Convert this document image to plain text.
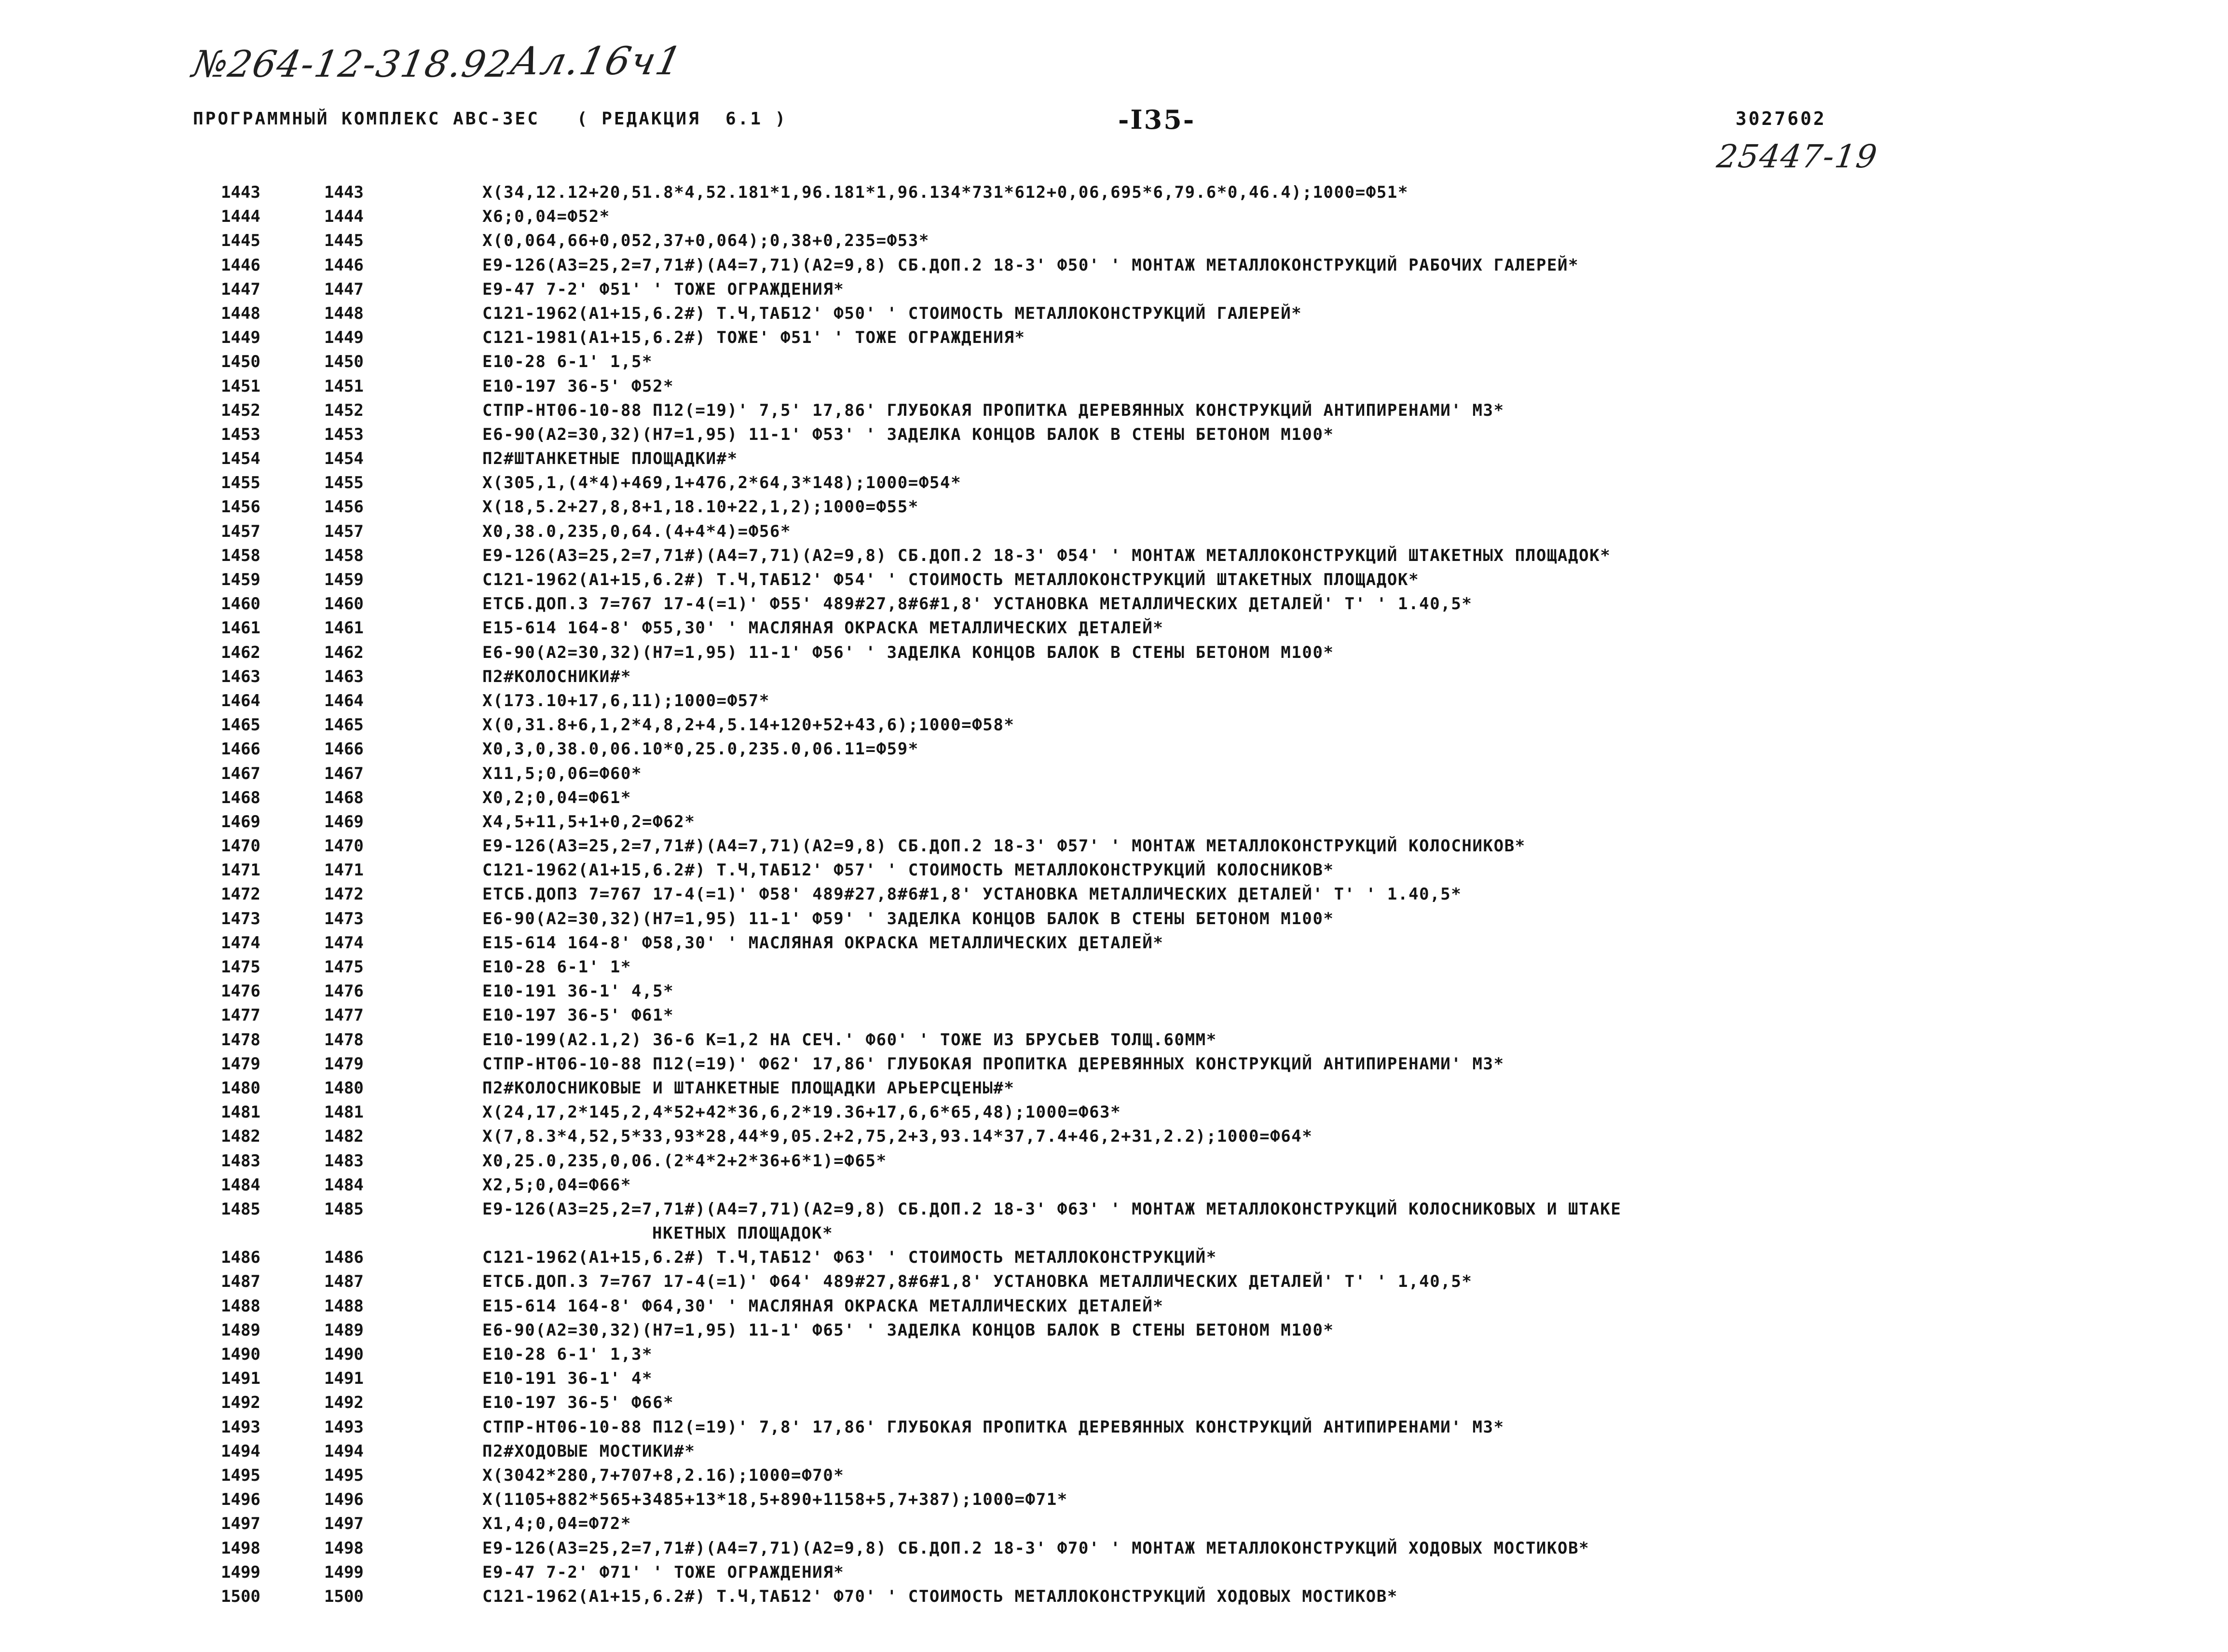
№264-12-318.92
Ал.16ч1
25447-19
ПРОГРАММНЫЙ КОМПЛЕКС АВС-3ЕС   ( РЕДАКЦИЯ  6.1 )	-I35-	3027602
1443	1443	X(34,12.12+20,51.8*4,52.181*1,96.181*1,96.134*731*612+0,06,695*6,79.6*0,46.4);1000=Ф51*
1444	1444	X6;0,04=Ф52*
1445	1445	X(0,064,66+0,052,37+0,064);0,38+0,235=Ф53*
1446	1446	E9-126(A3=25,2=7,71#)(A4=7,71)(A2=9,8) СБ.ДОП.2 18-3' Ф50' ' МОНТАЖ МЕТАЛЛОКОНСТРУКЦИЙ РАБОЧИХ ГАЛЕРЕЙ*
1447	1447	E9-47 7-2' Ф51' ' ТОЖЕ ОГРАЖДЕНИЯ*
1448	1448	C121-1962(A1+15,6.2#) Т.Ч,ТАБ12' Ф50' ' СТОИМОСТЬ МЕТАЛЛОКОНСТРУКЦИЙ ГАЛЕРЕЙ*
1449	1449	C121-1981(A1+15,6.2#) ТОЖЕ' Ф51' ' ТОЖЕ ОГРАЖДЕНИЯ*
1450	1450	E10-28 6-1' 1,5*
1451	1451	E10-197 36-5' Ф52*
1452	1452	СТПР-НТ06-10-88 П12(=19)' 7,5' 17,86' ГЛУБОКАЯ ПРОПИТКА ДЕРЕВЯННЫХ КОНСТРУКЦИЙ АНТИПИРЕНАМИ' М3*
1453	1453	E6-90(A2=30,32)(H7=1,95) 11-1' Ф53' ' ЗАДЕЛКА КОНЦОВ БАЛОК В СТЕНЫ БЕТОНОМ М100*
1454	1454	П2#ШТАНКЕТНЫЕ ПЛОЩАДКИ#*
1455	1455	X(305,1,(4*4)+469,1+476,2*64,3*148);1000=Ф54*
1456	1456	X(18,5.2+27,8,8+1,18.10+22,1,2);1000=Ф55*
1457	1457	X0,38.0,235,0,64.(4+4*4)=Ф56*
1458	1458	E9-126(A3=25,2=7,71#)(A4=7,71)(A2=9,8) СБ.ДОП.2 18-3' Ф54' ' МОНТАЖ МЕТАЛЛОКОНСТРУКЦИЙ ШТАКЕТНЫХ ПЛОЩАДОК*
1459	1459	C121-1962(A1+15,6.2#) Т.Ч,ТАБ12' Ф54' ' СТОИМОСТЬ МЕТАЛЛОКОНСТРУКЦИЙ ШТАКЕТНЫХ ПЛОЩАДОК*
1460	1460	ЕТСБ.ДОП.3 7=767 17-4(=1)' Ф55' 489#27,8#6#1,8' УСТАНОВКА МЕТАЛЛИЧЕСКИХ ДЕТАЛЕЙ' Т' ' 1.40,5*
1461	1461	E15-614 164-8' Ф55,30' ' МАСЛЯНАЯ ОКРАСКА МЕТАЛЛИЧЕСКИХ ДЕТАЛЕЙ*
1462	1462	E6-90(A2=30,32)(H7=1,95) 11-1' Ф56' ' ЗАДЕЛКА КОНЦОВ БАЛОК В СТЕНЫ БЕТОНОМ М100*
1463	1463	П2#КОЛОСНИКИ#*
1464	1464	X(173.10+17,6,11);1000=Ф57*
1465	1465	X(0,31.8+6,1,2*4,8,2+4,5.14+120+52+43,6);1000=Ф58*
1466	1466	X0,3,0,38.0,06.10*0,25.0,235.0,06.11=Ф59*
1467	1467	X11,5;0,06=Ф60*
1468	1468	X0,2;0,04=Ф61*
1469	1469	X4,5+11,5+1+0,2=Ф62*
1470	1470	E9-126(A3=25,2=7,71#)(A4=7,71)(A2=9,8) СБ.ДОП.2 18-3' Ф57' ' МОНТАЖ МЕТАЛЛОКОНСТРУКЦИЙ КОЛОСНИКОВ*
1471	1471	C121-1962(A1+15,6.2#) Т.Ч,ТАБ12' Ф57' ' СТОИМОСТЬ МЕТАЛЛОКОНСТРУКЦИЙ КОЛОСНИКОВ*
1472	1472	ЕТСБ.ДОП3 7=767 17-4(=1)' Ф58' 489#27,8#6#1,8' УСТАНОВКА МЕТАЛЛИЧЕСКИХ ДЕТАЛЕЙ' Т' ' 1.40,5*
1473	1473	E6-90(A2=30,32)(H7=1,95) 11-1' Ф59' ' ЗАДЕЛКА КОНЦОВ БАЛОК В СТЕНЫ БЕТОНОМ М100*
1474	1474	E15-614 164-8' Ф58,30' ' МАСЛЯНАЯ ОКРАСКА МЕТАЛЛИЧЕСКИХ ДЕТАЛЕЙ*
1475	1475	E10-28 6-1' 1*
1476	1476	E10-191 36-1' 4,5*
1477	1477	E10-197 36-5' Ф61*
1478	1478	E10-199(A2.1,2) 36-6 К=1,2 НА СЕЧ.' Ф60' ' ТОЖЕ ИЗ БРУСЬЕВ ТОЛЩ.60ММ*
1479	1479	СТПР-НТ06-10-88 П12(=19)' Ф62' 17,86' ГЛУБОКАЯ ПРОПИТКА ДЕРЕВЯННЫХ КОНСТРУКЦИЙ АНТИПИРЕНАМИ' М3*
1480	1480	П2#КОЛОСНИКОВЫЕ И ШТАНКЕТНЫЕ ПЛОЩАДКИ АРЬЕРСЦЕНЫ#*
1481	1481	X(24,17,2*145,2,4*52+42*36,6,2*19.36+17,6,6*65,48);1000=Ф63*
1482	1482	X(7,8.3*4,52,5*33,93*28,44*9,05.2+2,75,2+3,93.14*37,7.4+46,2+31,2.2);1000=Ф64*
1483	1483	X0,25.0,235,0,06.(2*4*2+2*36+6*1)=Ф65*
1484	1484	X2,5;0,04=Ф66*
1485	1485	E9-126(A3=25,2=7,71#)(A4=7,71)(A2=9,8) СБ.ДОП.2 18-3' Ф63' ' МОНТАЖ МЕТАЛЛОКОНСТРУКЦИЙ КОЛОСНИКОВЫХ И ШТАКЕ
НКЕТНЫХ ПЛОЩАДОК*
1486	1486	C121-1962(A1+15,6.2#) Т.Ч,ТАБ12' Ф63' ' СТОИМОСТЬ МЕТАЛЛОКОНСТРУКЦИЙ*
1487	1487	ЕТСБ.ДОП.3 7=767 17-4(=1)' Ф64' 489#27,8#6#1,8' УСТАНОВКА МЕТАЛЛИЧЕСКИХ ДЕТАЛЕЙ' Т' ' 1,40,5*
1488	1488	E15-614 164-8' Ф64,30' ' МАСЛЯНАЯ ОКРАСКА МЕТАЛЛИЧЕСКИХ ДЕТАЛЕЙ*
1489	1489	E6-90(A2=30,32)(H7=1,95) 11-1' Ф65' ' ЗАДЕЛКА КОНЦОВ БАЛОК В СТЕНЫ БЕТОНОМ М100*
1490	1490	E10-28 6-1' 1,3*
1491	1491	E10-191 36-1' 4*
1492	1492	E10-197 36-5' Ф66*
1493	1493	СТПР-НТ06-10-88 П12(=19)' 7,8' 17,86' ГЛУБОКАЯ ПРОПИТКА ДЕРЕВЯННЫХ КОНСТРУКЦИЙ АНТИПИРЕНАМИ' М3*
1494	1494	П2#ХОДОВЫЕ МОСТИКИ#*
1495	1495	X(3042*280,7+707+8,2.16);1000=Ф70*
1496	1496	X(1105+882*565+3485+13*18,5+890+1158+5,7+387);1000=Ф71*
1497	1497	X1,4;0,04=Ф72*
1498	1498	E9-126(A3=25,2=7,71#)(A4=7,71)(A2=9,8) СБ.ДОП.2 18-3' Ф70' ' МОНТАЖ МЕТАЛЛОКОНСТРУКЦИЙ ХОДОВЫХ МОСТИКОВ*
1499	1499	E9-47 7-2' Ф71' ' ТОЖЕ ОГРАЖДЕНИЯ*
1500	1500	C121-1962(A1+15,6.2#) Т.Ч,ТАБ12' Ф70' ' СТОИМОСТЬ МЕТАЛЛОКОНСТРУКЦИЙ ХОДОВЫХ МОСТИКОВ*
